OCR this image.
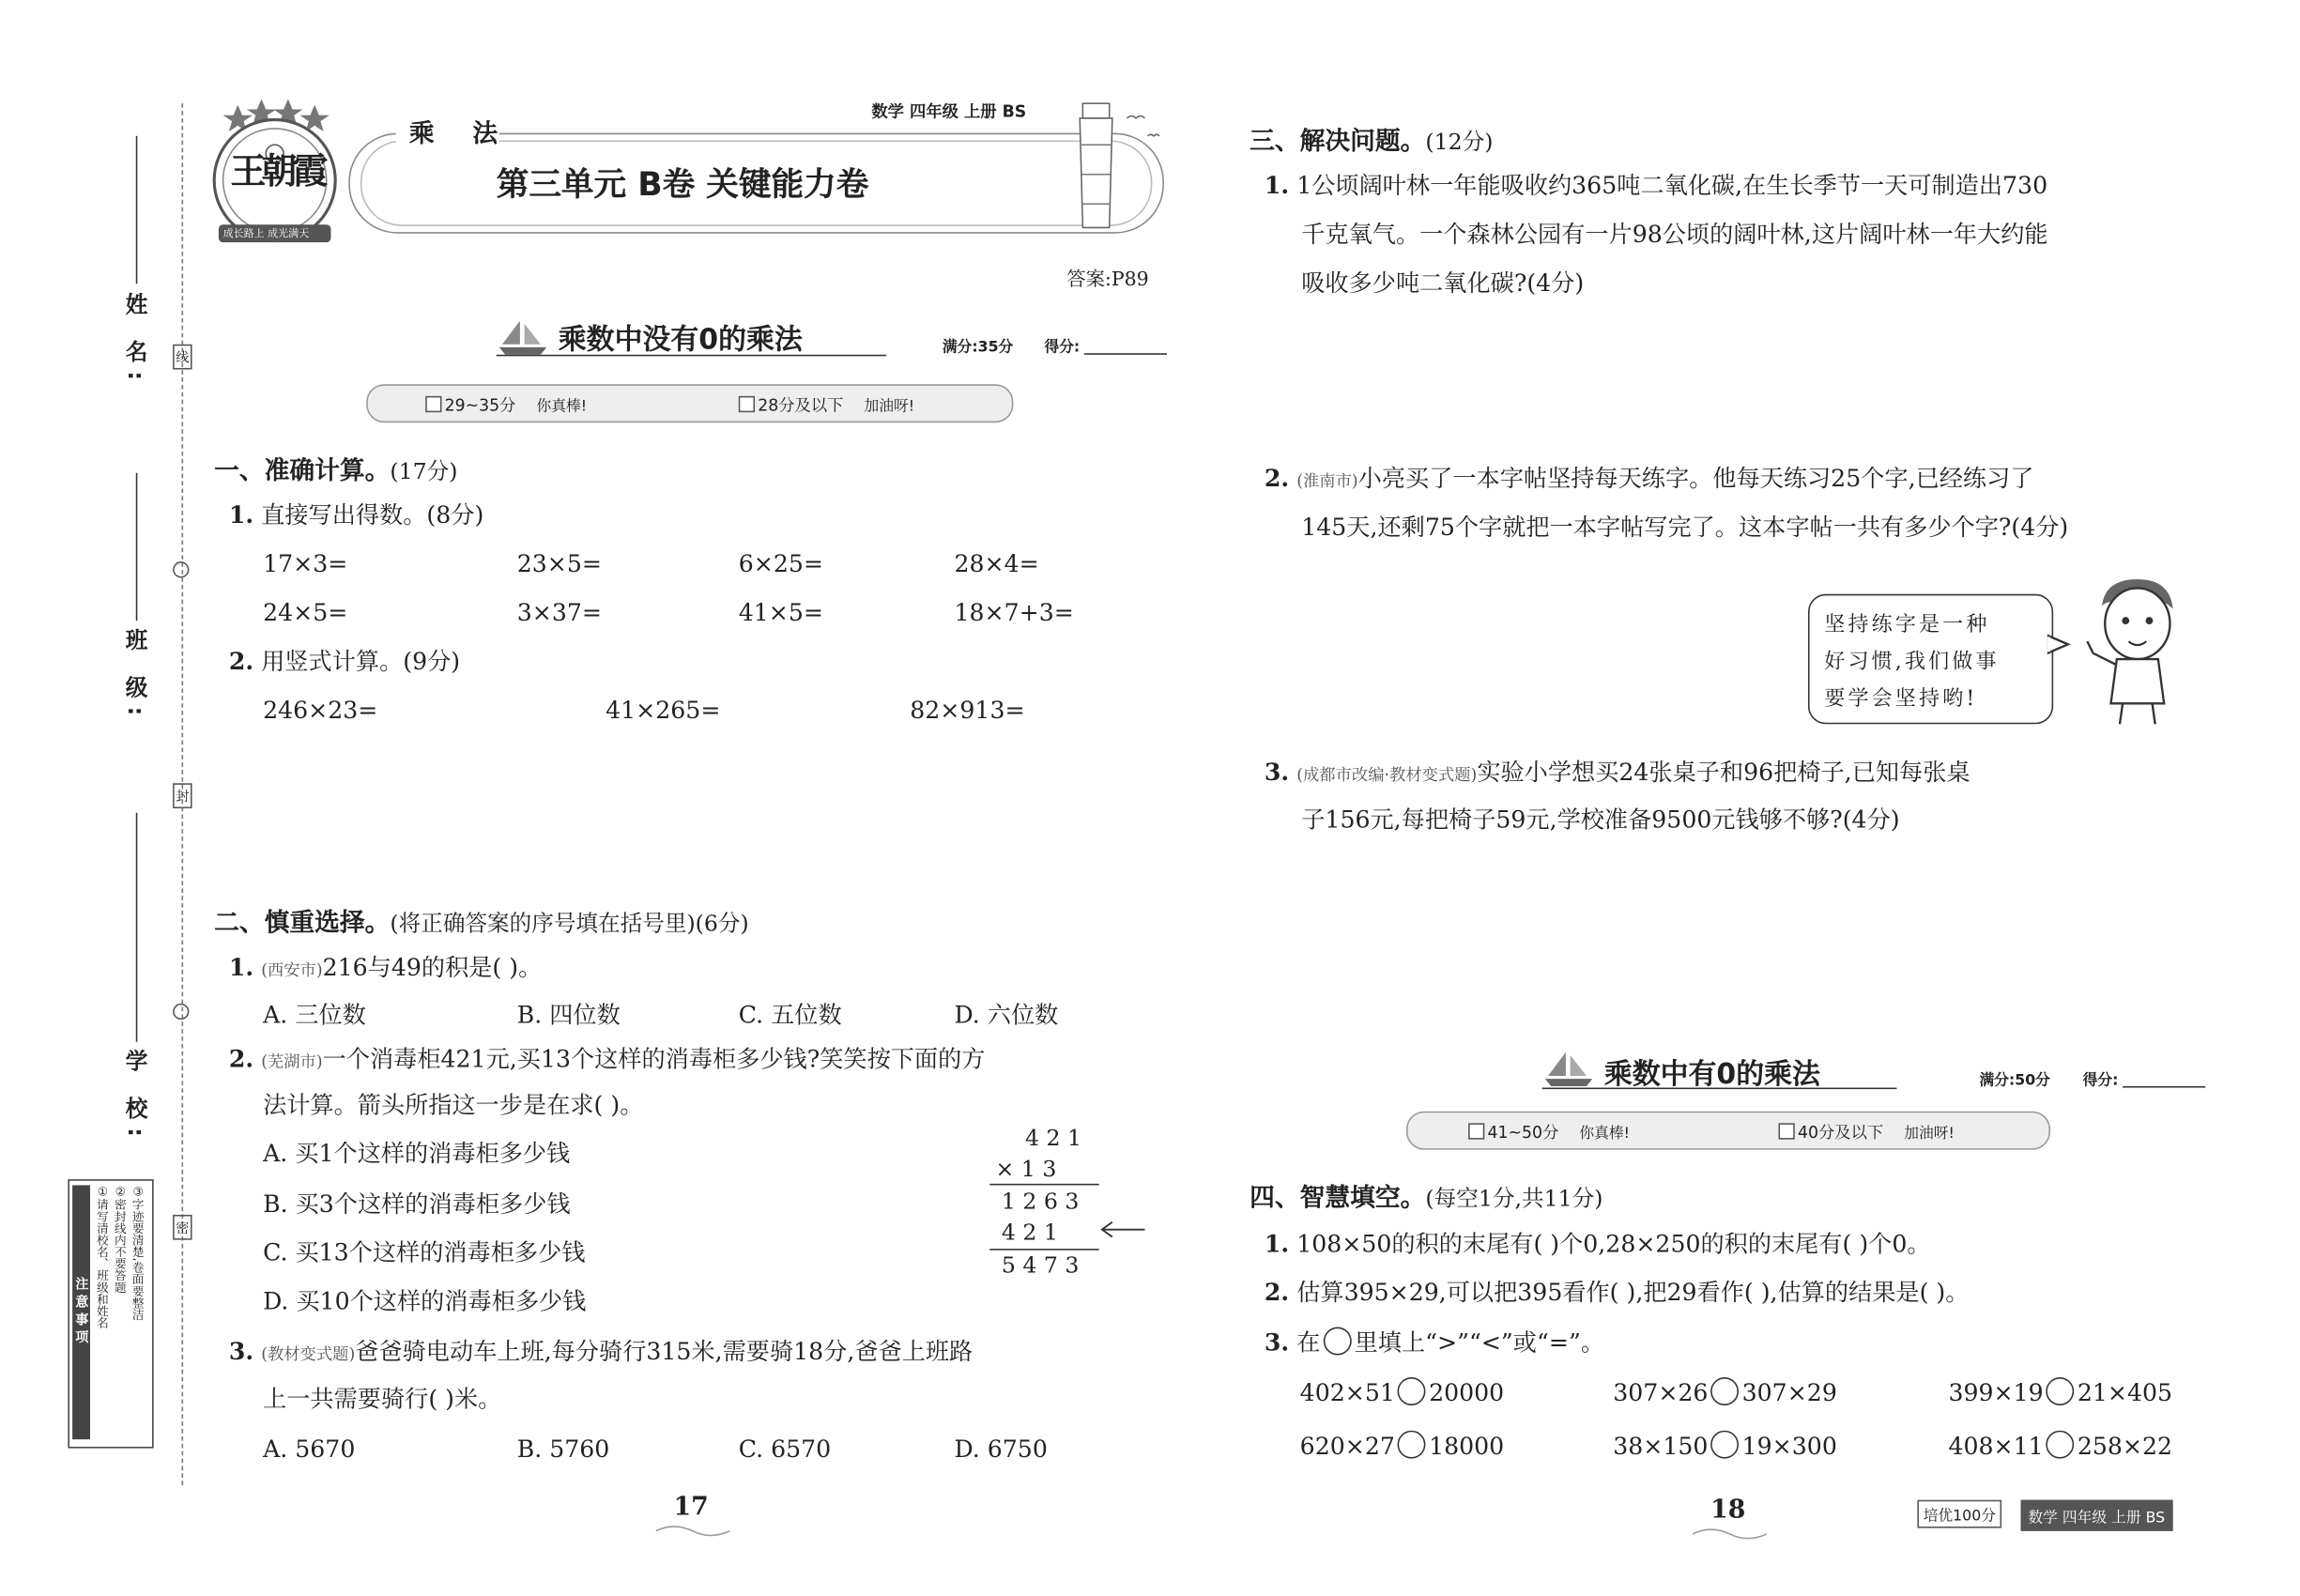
姓 名:	线
班 级:
封
学 校:
密
注意事项	①请写清校名、班级和姓名 ②密封线内不要答题 ③字迹要清楚,卷面要整洁
王朝霞
成长路上 成光满天
乘 法
数学 四年级 上册 BS
第三单元 B卷 关键能力卷
答案:P89
乘数中没有0的乘法	满分:35分	得分:
29~35分 你真棒!	28分及以下 加油呀!
一、准确计算。(17分)
1. 直接写出得数。(8分)
17×3=	23×5=	6×25=	28×4=
24×5=	3×37=	41×5=	18×7+3=
2. 用竖式计算。(9分)
246×23=	41×265=	82×913=
二、慎重选择。(将正确答案的序号填在括号里)(6分)
1. (西安市)216与49的积是( )。
A. 三位数	B. 四位数	C. 五位数	D. 六位数
2. (芜湖市)一个消毒柜421元,买13个这样的消毒柜多少钱?笑笑按下面的方
法计算。箭头所指这一步是在求( )。
A. 买1个这样的消毒柜多少钱
B. 买3个这样的消毒柜多少钱
C. 买13个这样的消毒柜多少钱
D. 买10个这样的消毒柜多少钱
4 2 1
× 1 3
1 2 6 3
4 2 1
5 4 7 3
3. (教材变式题)爸爸骑电动车上班,每分骑行315米,需要骑18分,爸爸上班路
上一共需要骑行( )米。
A. 5670	B. 5760	C. 6570	D. 6750
17
三、解决问题。(12分)
1. 1公顷阔叶林一年能吸收约365吨二氧化碳,在生长季节一天可制造出730
千克氧气。一个森林公园有一片98公顷的阔叶林,这片阔叶林一年大约能
吸收多少吨二氧化碳?(4分)
2. (淮南市)小亮买了一本字帖坚持每天练字。他每天练习25个字,已经练习了
145天,还剩75个字就把一本字帖写完了。这本字帖一共有多少个字?(4分)
坚持练字是一种
好习惯,我们做事
要学会坚持哟!
3. (成都市改编·教材变式题)实验小学想买24张桌子和96把椅子,已知每张桌
子156元,每把椅子59元,学校准备9500元钱够不够?(4分)
乘数中有0的乘法	满分:50分	得分:
41~50分 你真棒!	40分及以下 加油呀!
四、智慧填空。(每空1分,共11分)
1. 108×50的积的末尾有( )个0,28×250的积的末尾有( )个0。
2. 估算395×29,可以把395看作( ),把29看作( ),估算的结果是( )。
3. 在 里填上“>”“<”或“=”。
402×51 20000	307×26 307×29	399×19 21×405
620×27 18000	38×150 19×300	408×11 258×22
18	培优100分	数学 四年级 上册 BS
